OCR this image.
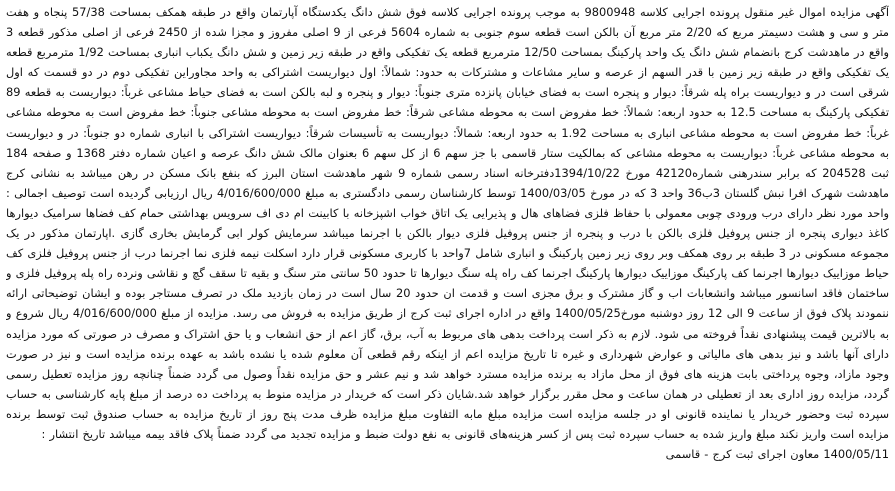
آگهی مزایده اموال غیر منقول پرونده اجرایی کلاسه 9800948 به موجب پرونده اجرایی کلاسه فوق شش دانگ یکدستگاه آپارتمان واقع در طبقه همکف بمساحت 57/38 پنجاه و هفت متر و سی و هشت دسیمتر مربع که 2/20 متر مربع آن بالکن است قطعه سوم جنوبی به شماره 5604 فرعی از 9 اصلی مفروز و مجزا شده از 2450 فرعی از اصلی مذکور قطعه 3 واقع در ماهدشت کرج بانضمام شش دانگ یک واحد پارکینگ بمساحت 12/50 مترمربع قطعه یک تفکیکی واقع در طبقه زیر زمین و شش دانگ یکباب انباری بمساحت 1/92 مترمربع قطعه یک تفکیکی واقع در طبقه زیر زمین با قدر السهم از عرصه و سایر مشاعات و مشترکات به حدود: شمالاً: اول دیواریست اشتراکی به واحد مجاوراین تفکیکی دوم در دو قسمت که اول شرقی است در و دیواریست براه پله شرقاً: دیوار و پنجره است به فضای خیابان پانزده متری جنوباً: دیوار و پنجره و لبه بالکن است به فضای حیاط مشاعی غرباً: دیواریست به قطعه 89 تفکیکی پارکینگ به مساحت 12.5 به حدود اربعه: شمالاً: خط مفروض است به محوطه مشاعی شرقاً: خط مفروض است به محوطه مشاعی جنوباً: خط مفروض است به محوطه مشاعی غرباً: خط مفروض است به محوطه مشاعی انباری به مساحت 1.92 به حدود اربعه: شمالاً: دیواریست به تأسیسات شرقاً: دیواریست اشتراکی با انباری شماره دو جنوباً: در و دیواریست به محوطه مشاعی غرباً: دیواریست به محوطه مشاعی که بمالکیت ستار قاسمی با جز سهم 6 از کل سهم 6 بعنوان مالک شش دانگ عرصه و اعیان شماره دفتر 1368 و صفحه 184 ثبت 204528 که برابر سندرهنی شماره42120 مورخ 1394/10/22دفترخانه اسناد رسمی شماره 9 شهر ماهدشت استان البرز که بنفع بانک مسکن در رهن میباشد به نشانی کرج ماهدشت شهرک افرا نبش گلستان 3ب36 واحد 3 که در مورخ 1400/03/05 توسط کارشناسان رسمی دادگستری به مبلغ 4/016/600/000 ریال ارزیابی گردیده است توصیف اجمالی : واحد مورد نظر دارای درب ورودی چوبی معمولی با حفاظ فلزی فضاهای هال و پذیرایی یک اتاق خواب اشپزخانه با کابینت ام دی اف سرویس بهداشتی حمام کف فضاها سرامیک دیوارها کاغذ دیواری پنجره از جنس پروفیل فلزی بالکن با درب و پنجره از جنس پروفیل فلزی دیوار بالکن با اجرنما میباشد سرمایش کولر ابی گرمایش بخاری گازی .اپارتمان مذکور در یک مجموعه مسکونی در 3 طبقه بر روی همکف وبر روی زیر زمین پارکینگ و انباری شامل 7واحد با کاربری مسکونی قرار دارد اسکلت نیمه فلزی نما اجرنما درب از جنس پروفیل فلزی کف حیاط موزاییک دیوارها اجرنما کف پارکینگ موزاییک دیوارها پارکینگ اجرنما کف راه پله سنگ دیوارها تا حدود 50 سانتی متر سنگ و بقیه تا سقف گچ و نقاشی ونرده راه پله پروفیل فلزی و ساختمان فاقد اسانسور میباشد وانشعابات اب و گاز مشترک و برق مجزی است و قدمت ان حدود 20 سال است در زمان بازدید ملک در تصرف مستاجر بوده و ایشان توضیحاتی ارائه ننمودند پلاک فوق از ساعت 9 الی 12 روز دوشنبه مورخ1400/05/25 واقع در اداره اجرای ثبت کرج از طریق مزایده به فروش می رسد. مزایده از مبلغ 4/016/600/000 ریال شروع و به بالاترین قیمت پیشنهادی نقداً فروخته می شود. لازم به ذکر است پرداخت بدهی های مربوط به آب، برق، گاز اعم از حق انشعاب و یا حق اشتراک و مصرف در صورتی که مورد مزایده دارای آنها باشد و نیز بدهی های مالیاتی و عوارض شهرداری و غیره تا تاریخ مزایده اعم از اینکه رقم قطعی آن معلوم شده یا نشده باشد به عهده برنده مزایده است و نیز در صورت وجود مازاد، وجوه پرداختی بابت هزینه های فوق از محل مازاد به برنده مزایده مسترد خواهد شد و نیم عشر و حق مزایده نقداً وصول می گردد ضمناً چنانچه روز مزایده تعطیل رسمی گردد، مزایده روز اداری بعد از تعطیلی در همان ساعت و محل مقرر برگزار خواهد شد.شایان ذکر است که خریدار در مزایده منوط به پرداخت ده درصد از مبلغ پایه کارشناسی به حساب سپرده ثبت وحضور خریدار یا نماینده قانونی او در جلسه مزایده است مزایده مبلغ مابه التفاوت مبلغ مزایده ظرف مدت پنج روز از تاریخ مزایده به حساب صندوق ثبت توسط برنده مزایده است واریز نکند مبلغ واریز شده به حساب سپرده ثبت پس از کسر هزینه‌های قانونی به نفع دولت ضبط و مزایده تجدید می گردد ضمناً پلاک فاقد بیمه میباشد تاریخ انتشار :

1400/05/11 معاون اجرای ثبت کرج - قاسمی
